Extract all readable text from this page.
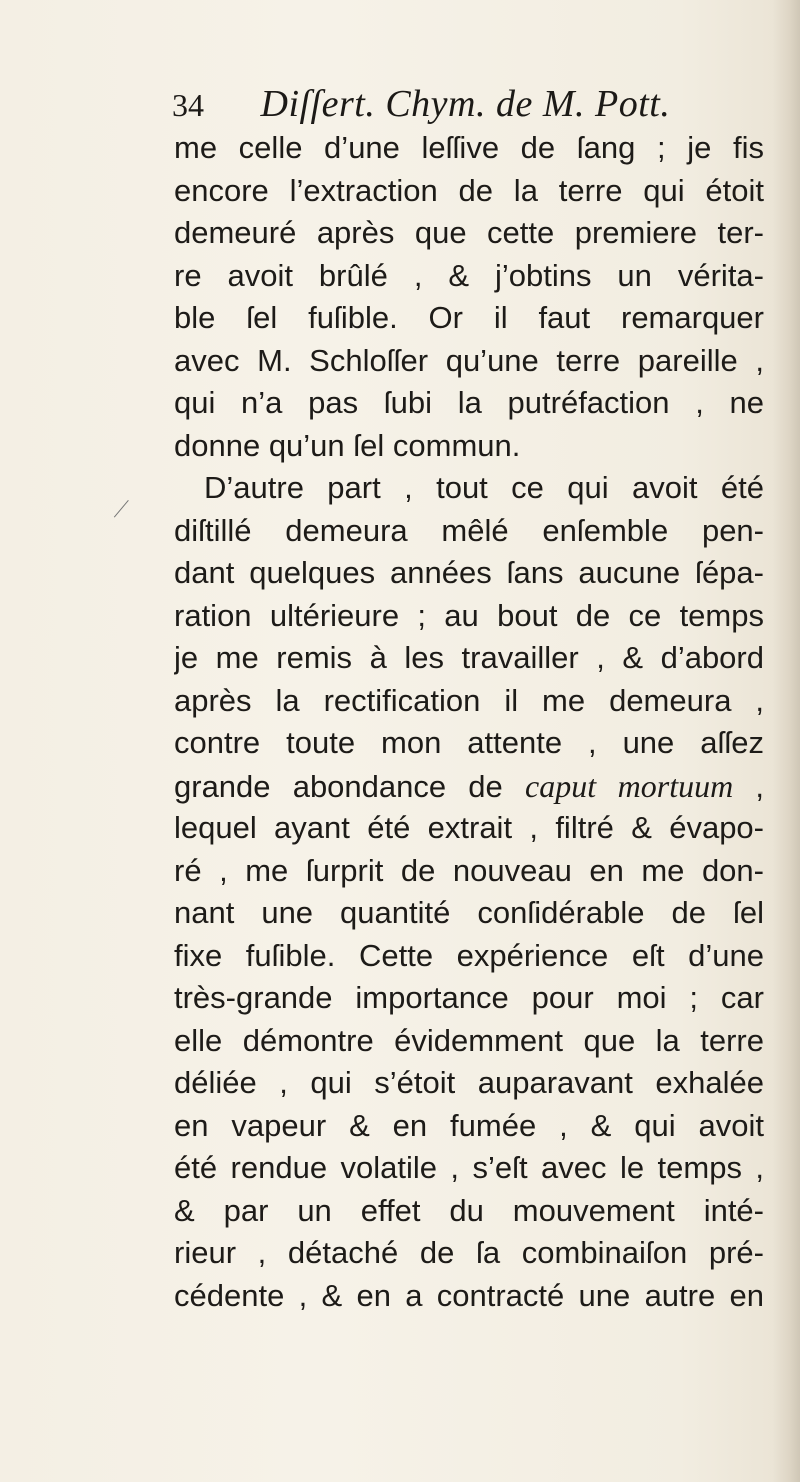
34 Diſſert. Chym. de M. Pott.
me celle d’une leſſive de ſang ; je fis
encore l’extraction de la terre qui étoit
demeuré après que cette premiere ter-
re avoit brûlé , & j’obtins un vérita-
ble ſel fuſible. Or il faut remarquer
avec M. Schloſſer qu’une terre pareille ,
qui n’a pas ſubi la putréfaction , ne
donne qu’un ſel commun.
D’autre part , tout ce qui avoit été
diſtillé demeura mêlé enſemble pen-
dant quelques années ſans aucune ſépa-
ration ultérieure ; au bout de ce temps
je me remis à les travailler , & d’abord
après la rectification il me demeura ,
contre toute mon attente , une aſſez
grande abondance de caput mortuum ,
lequel ayant été extrait , filtré & évapo-
ré , me ſurprit de nouveau en me don-
nant une quantité conſidérable de ſel
fixe fuſible. Cette expérience eſt d’une
très-grande importance pour moi ; car
elle démontre évidemment que la terre
déliée , qui s’étoit auparavant exhalée
en vapeur & en fumée , & qui avoit
été rendue volatile , s’eſt avec le temps ,
& par un effet du mouvement inté-
rieur , détaché de ſa combinaiſon pré-
cédente , & en a contracté une autre en
